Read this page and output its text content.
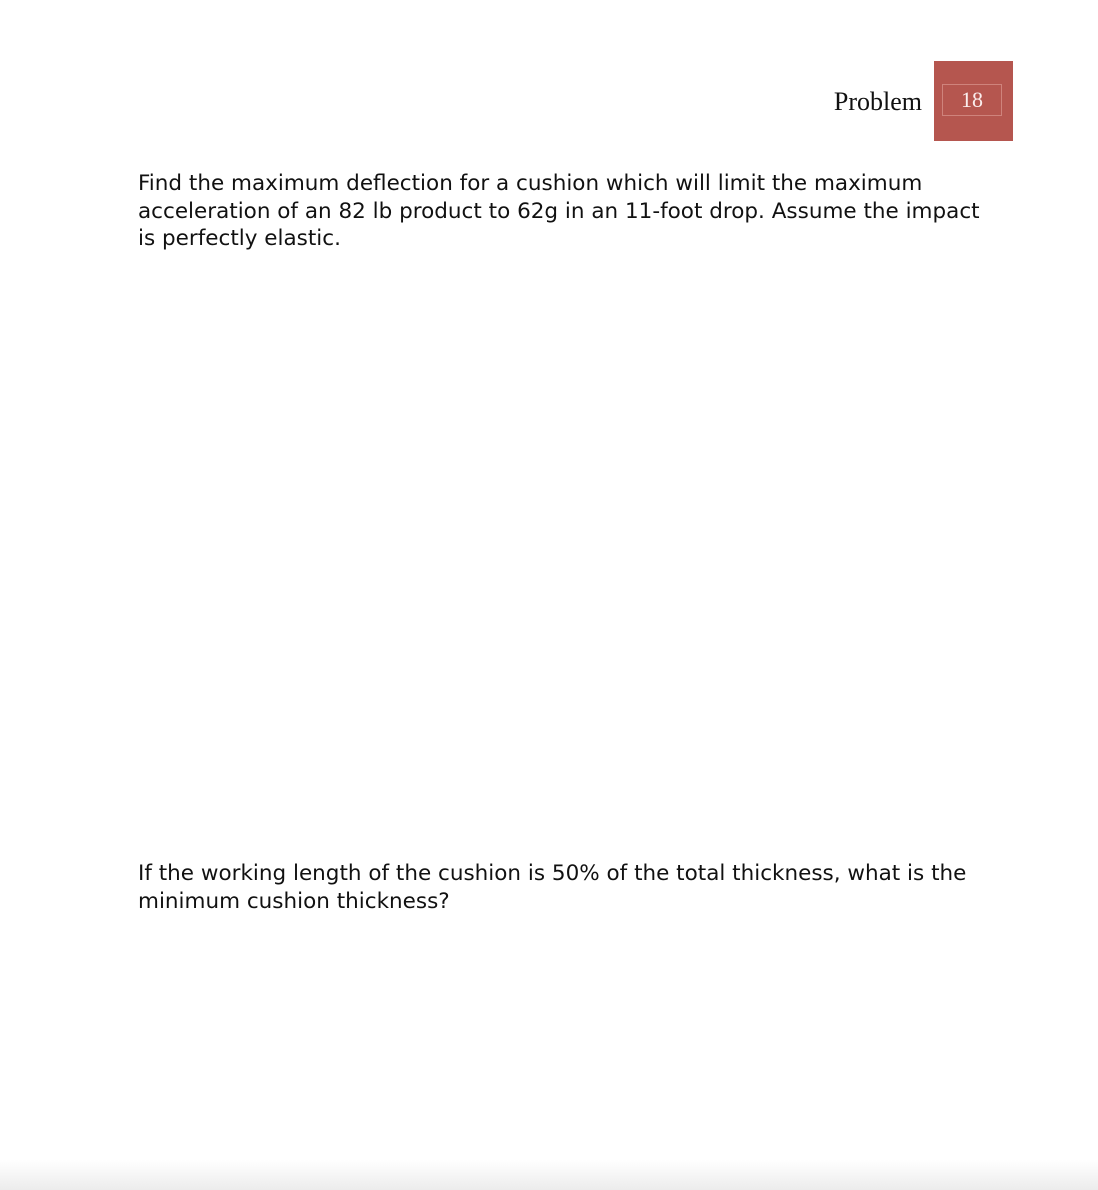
Problem	18

Find the maximum deflection for a cushion which will limit the maximum
acceleration of an 82 lb product to 62g in an 11-foot drop. Assume the impact
is perfectly elastic.

If the working length of the cushion is 50% of the total thickness, what is the
minimum cushion thickness?
